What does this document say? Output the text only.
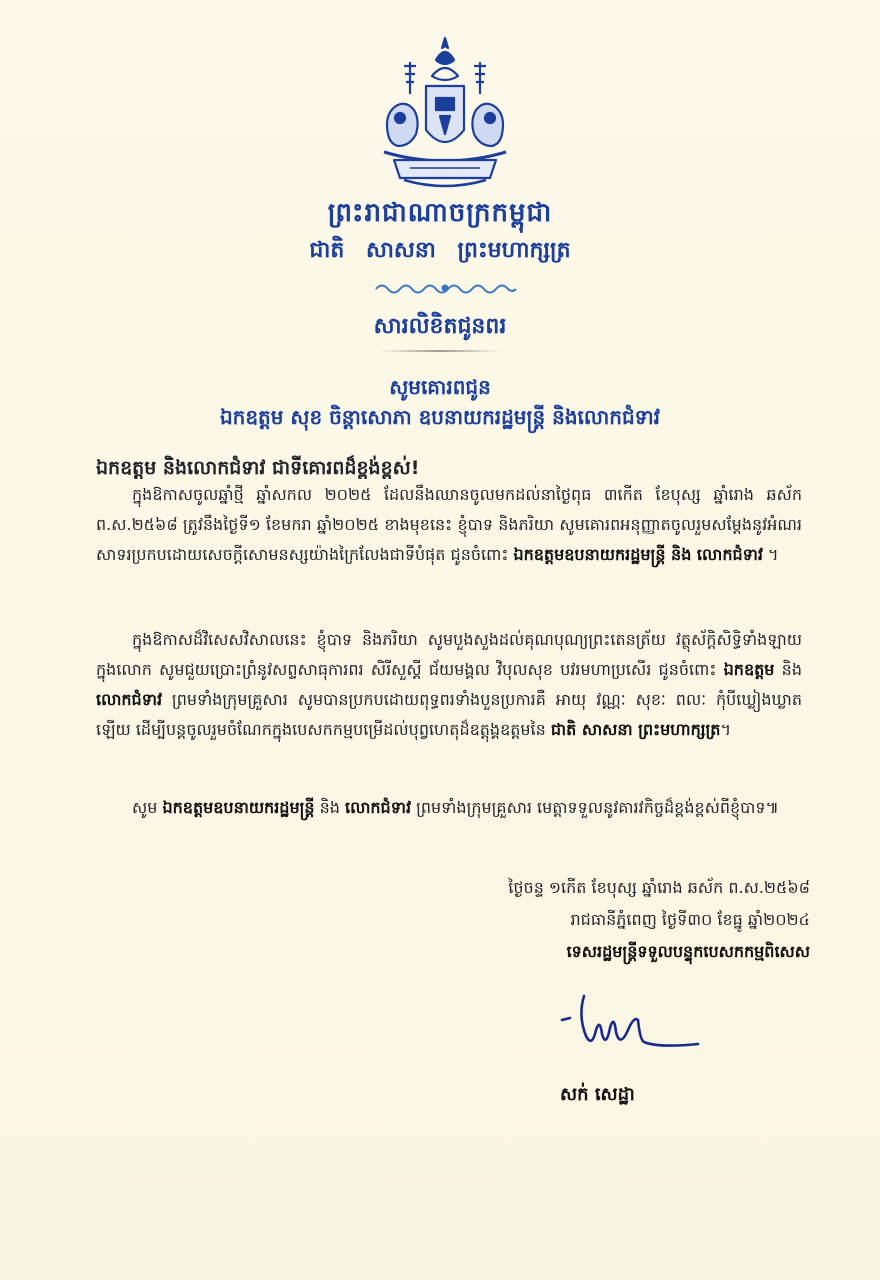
ព្រះរាជាណាចក្រកម្ពុជា
ជាតិ សាសនា ព្រះមហាក្សត្រ
សារលិខិតជូនពរ
សូមគោរពជូន
ឯកឧត្តម សុខ ចិន្តាសោភា ឧបនាយករដ្ឋមន្ត្រី និងលោកជំទាវ
ឯកឧត្តម និងលោកជំទាវ ជាទីគោរពដ៏ខ្ពង់ខ្ពស់!

ក្នុងឱកាសចូលឆ្នាំថ្មី ឆ្នាំសកល ២០២៥ ដែលនឹងឈានចូលមកដល់នាថ្ងៃពុធ ៣កើត ខែបុស្ស ឆ្នាំរោង ឆស័ក ព.ស.២៥៦៨ ត្រូវនឹងថ្ងៃទី១ ខែមករា ឆ្នាំ២០២៥ ខាងមុខនេះ ខ្ញុំបាទ និងភរិយា សូមគោរពអនុញ្ញាតចូលរួមសម្តែងនូវអំណរសាទរប្រកបដោយសេចក្តីសោមនស្សយ៉ាងក្រៃលែងជាទីបំផុត ជូនចំពោះ ឯកឧត្តមឧបនាយករដ្ឋមន្ត្រី និង លោកជំទាវ ។

ក្នុងឱកាសដ៏វិសេសវិសាលនេះ ខ្ញុំបាទ និងភរិយា សូមបួងសួងដល់គុណបុណ្យព្រះតេនត្រ័យ វត្ថុស័ក្តិសិទ្ធិទាំងឡាយក្នុងលោក សូមជួយប្រោះព្រំនូវសព្ទសាធុការពរ សិរីសួស្តី ជ័យមង្គល វិបុលសុខ បវរមហាប្រសើរ ជូនចំពោះ ឯកឧត្តម និង លោកជំទាវ ព្រមទាំងក្រុមគ្រួសារ សូមបានប្រកបដោយពុទ្ធពរទាំងបួនប្រការគឺ អាយុ វណ្ណៈ សុខៈ ពលៈ កុំបីឃ្លៀងឃ្លាតឡើយ ដើម្បីបន្តចូលរួមចំណែកក្នុងបេសកកម្មបម្រើដល់បុព្វហេតុដ៏ឧត្តុង្គឧត្តមនៃ ជាតិ សាសនា ព្រះមហាក្សត្រ។

សូម ឯកឧត្តមឧបនាយករដ្ឋមន្ត្រី និង លោកជំទាវ ព្រមទាំងក្រុមគ្រួសារ មេត្តាទទួលនូវគារវកិច្ចដ៏ខ្ពង់ខ្ពស់ពីខ្ញុំបាទ៕

ថ្ងៃចន្ទ ១កើត ខែបុស្ស ឆ្នាំរោង ឆស័ក ព.ស.២៥៦៨
រាជធានីភ្នំពេញ ថ្ងៃទី៣០ ខែធ្នូ ឆ្នាំ២០២៤
ទេសរដ្ឋមន្ត្រីទទួលបន្ទុកបេសកកម្មពិសេស
សក់ សេដ្ឋា
